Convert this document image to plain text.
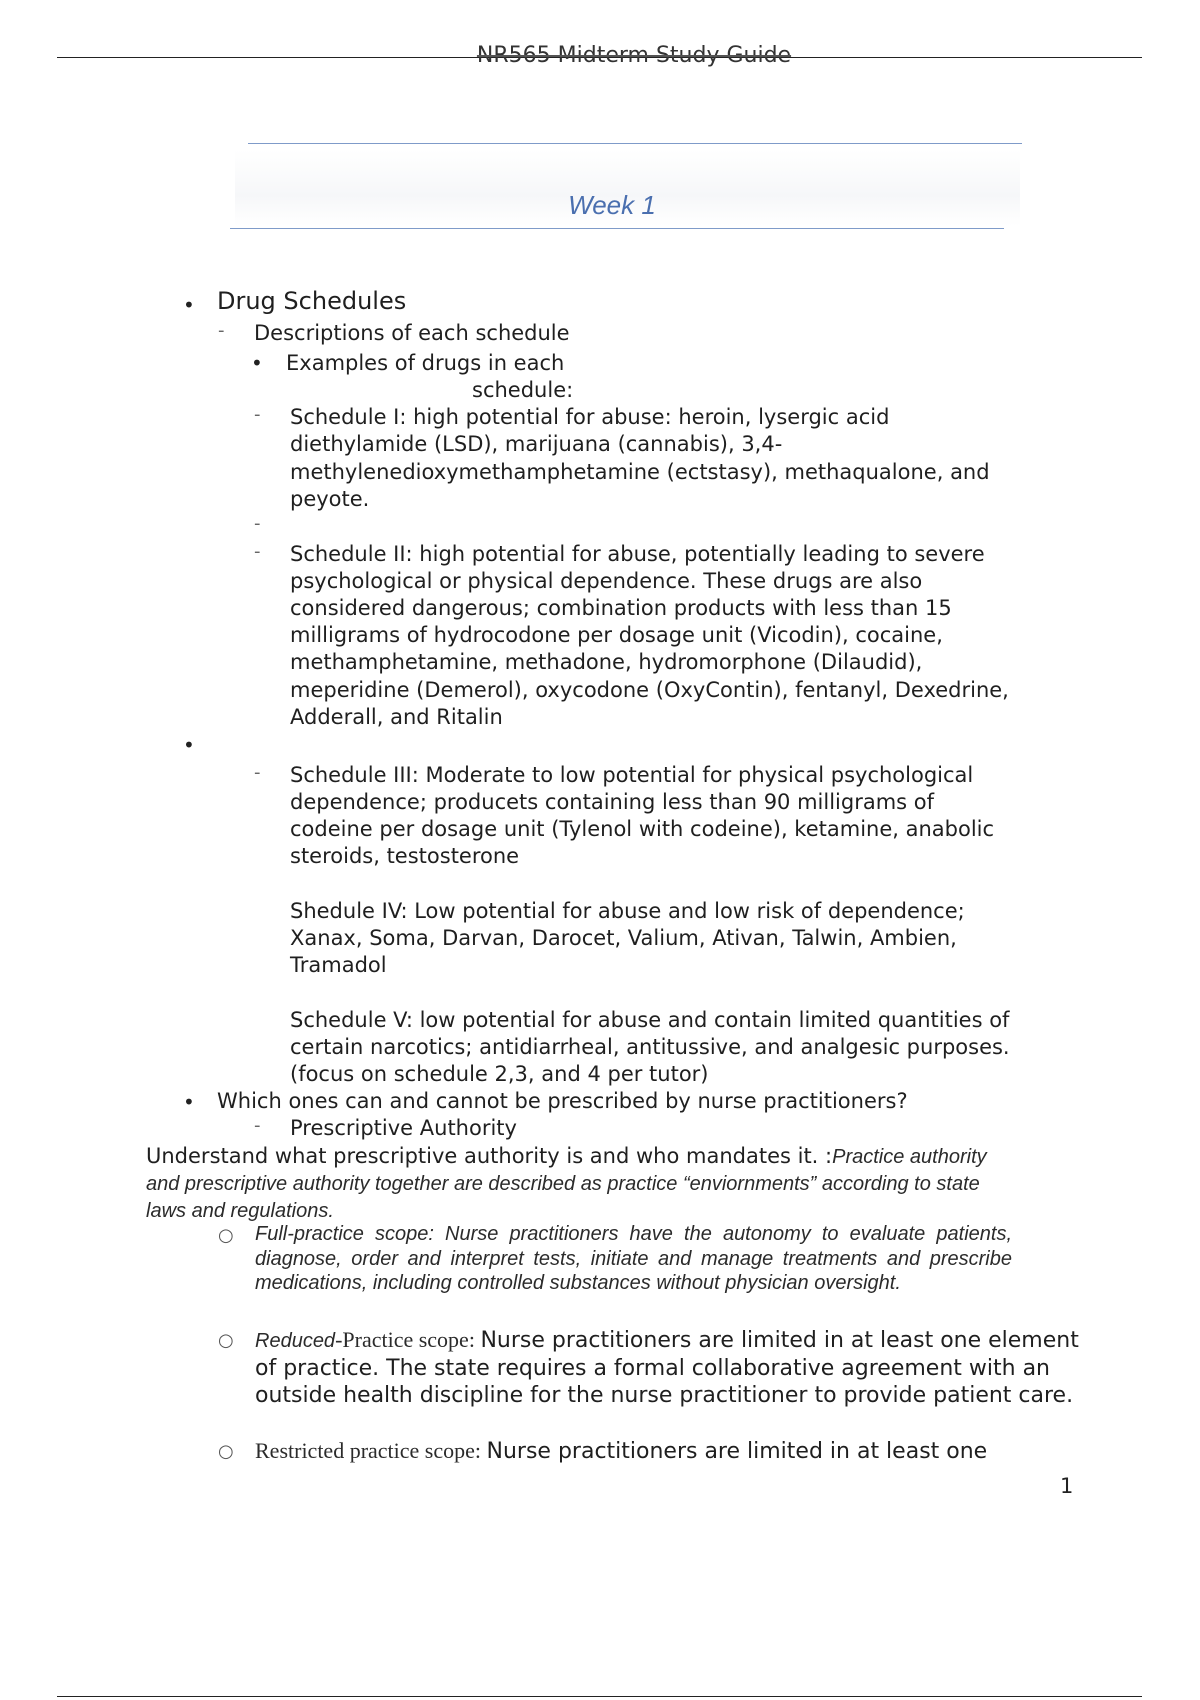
NR565 Midterm Study Guide
Week 1
• Drug Schedules
- Descriptions of each schedule
• Examples of drugs in each
schedule:
- Schedule I: high potential for abuse: heroin, lysergic acid
diethylamide (LSD), marijuana (cannabis), 3,4-
methylenedioxymethamphetamine (ectstasy), methaqualone, and
peyote.
-
- Schedule II: high potential for abuse, potentially leading to severe
psychological or physical dependence. These drugs are also
considered dangerous; combination products with less than 15
milligrams of hydrocodone per dosage unit (Vicodin), cocaine,
methamphetamine, methadone, hydromorphone (Dilaudid),
meperidine (Demerol), oxycodone (OxyContin), fentanyl, Dexedrine,
Adderall, and Ritalin
•
- Schedule III: Moderate to low potential for physical psychological
dependence; producets containing less than 90 milligrams of
codeine per dosage unit (Tylenol with codeine), ketamine, anabolic
steroids, testosterone
Shedule IV: Low potential for abuse and low risk of dependence;
Xanax, Soma, Darvan, Darocet, Valium, Ativan, Talwin, Ambien,
Tramadol
Schedule V: low potential for abuse and contain limited quantities of
certain narcotics; antidiarrheal, antitussive, and analgesic purposes.
(focus on schedule 2,3, and 4 per tutor)
• Which ones can and cannot be prescribed by nurse practitioners?
- Prescriptive Authority
Understand what prescriptive authority is and who mandates it. :Practice authority and prescriptive authority together are described as practice “enviornments” according to state laws and regulations.
○ Full-practice scope: Nurse practitioners have the autonomy to evaluate patients, diagnose, order and interpret tests, initiate and manage treatments and prescribe medications, including controlled substances without physician oversight.
○ Reduced-Practice scope: Nurse practitioners are limited in at least one element of practice. The state requires a formal collaborative agreement with an outside health discipline for the nurse practitioner to provide patient care.
○ Restricted practice scope: Nurse practitioners are limited in at least one
1
